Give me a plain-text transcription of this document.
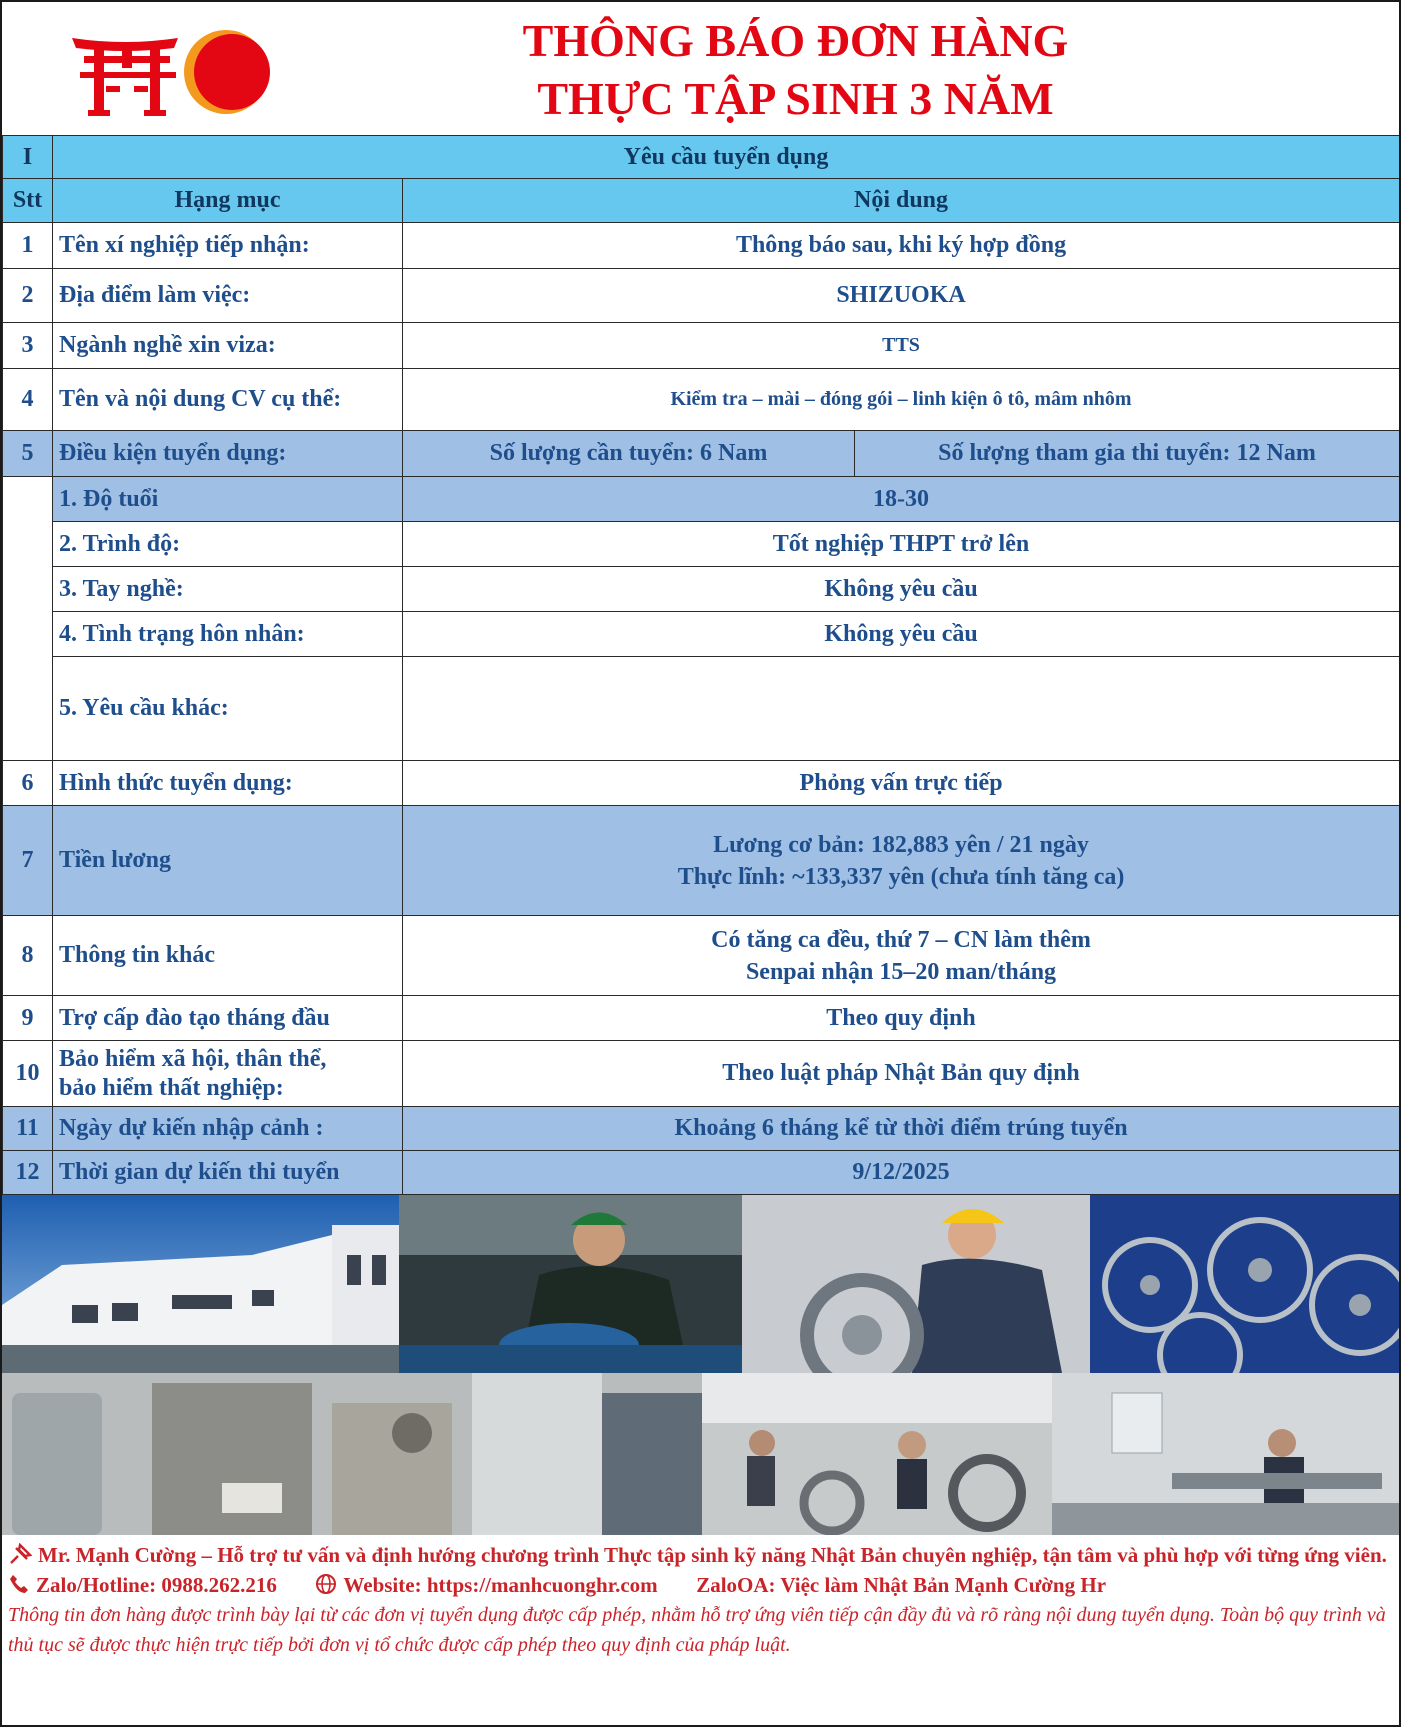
THÔNG BÁO ĐƠN HÀNG
THỰC TẬP SINH 3 NĂM
I	Yêu cầu tuyển dụng		
Stt	Hạng mục	Nội dung	
1	Tên xí nghiệp tiếp nhận:	Thông báo sau, khi ký hợp đồng	
2	Địa điểm làm việc:	SHIZUOKA	
3	Ngành nghề xin viza:	TTS	
4	Tên và nội dung CV cụ thể:	Kiểm tra – mài – đóng gói – linh kiện ô tô, mâm nhôm	
5	Điều kiện tuyển dụng:	Số lượng cần tuyển: 6 Nam	Số lượng tham gia thi tuyển: 12 Nam
	1. Độ tuổi	18-30	
	2. Trình độ:	Tốt nghiệp THPT trở lên	
	3. Tay nghề:	Không yêu cầu	
	4. Tình trạng hôn nhân:	Không yêu cầu	
	5. Yêu cầu khác:		
6	Hình thức tuyển dụng:	Phỏng vấn trực tiếp	
7	Tiền lương	Lương cơ bản: 182,883 yên / 21 ngày
Thực lĩnh: ~133,337 yên (chưa tính tăng ca)	

8	Thông tin khác	Có tăng ca đều, thứ 7 – CN làm thêm
Senpai nhận 15–20 man/tháng	

9	Trợ cấp đào tạo tháng đầu	Theo quy định	
10	Bảo hiểm xã hội, thân thể,
bảo hiểm thất nghiệp:	Theo luật pháp Nhật Bản quy định	
11	Ngày dự kiến nhập cảnh :	Khoảng 6 tháng kể từ thời điểm trúng tuyển	
12	Thời gian dự kiến thi tuyển	9/12/2025	
Mr. Mạnh Cường – Hỗ trợ tư vấn và định hướng chương trình Thực tập sinh kỹ năng Nhật Bản chuyên nghiệp, tận tâm và phù hợp với từng ứng viên.
Zalo/Hotline: 0988.262.216	Website: https://manhcuonghr.com ZaloOA: Việc làm Nhật Bản Mạnh Cường Hr
Thông tin đơn hàng được trình bày lại từ các đơn vị tuyển dụng được cấp phép, nhằm hỗ trợ ứng viên tiếp cận đầy đủ và rõ ràng nội dung tuyển dụng. Toàn bộ quy trình và thủ tục sẽ được thực hiện trực tiếp bởi đơn vị tổ chức được cấp phép theo quy định của pháp luật.
